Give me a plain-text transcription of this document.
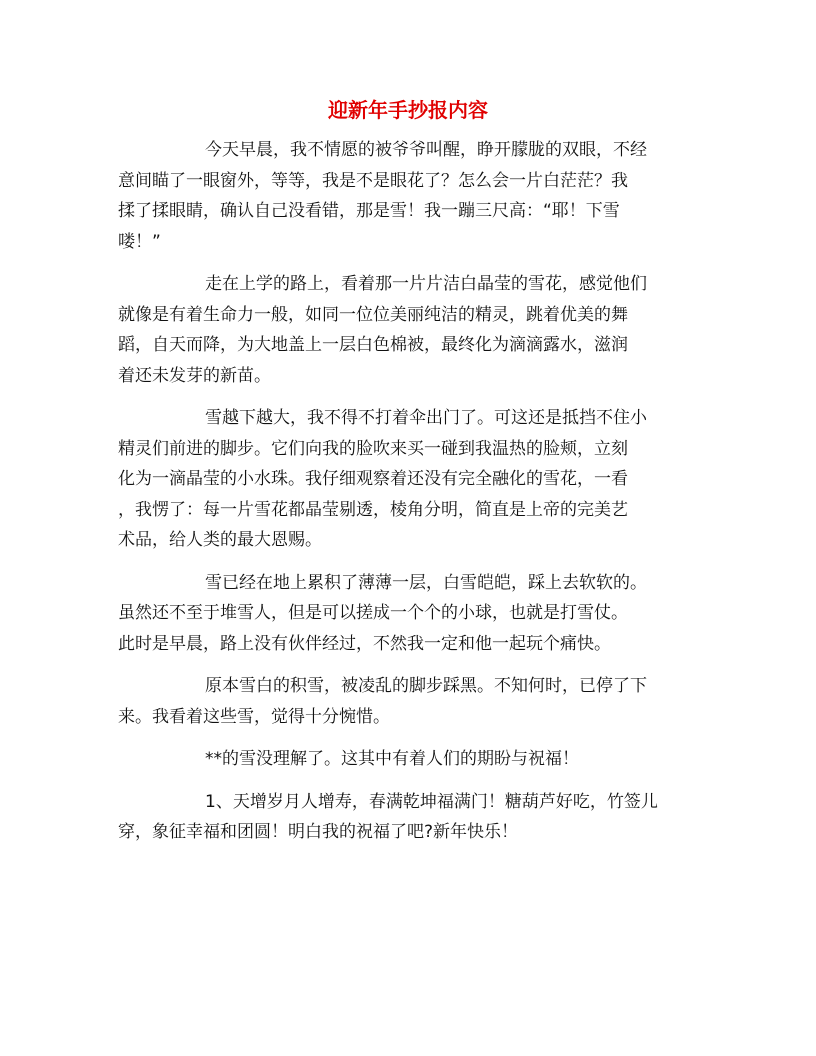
迎新年手抄报内容
今天早晨，我不情愿的被爷爷叫醒，睁开朦胧的双眼，不经
意间瞄了一眼窗外，等等，我是不是眼花了？怎么会一片白茫茫？我
揉了揉眼睛，确认自己没看错，那是雪！我一蹦三尺高：“耶！下雪
喽！”
走在上学的路上，看着那一片片洁白晶莹的雪花，感觉他们
就像是有着生命力一般，如同一位位美丽纯洁的精灵，跳着优美的舞
蹈，自天而降，为大地盖上一层白色棉被，最终化为滴滴露水，滋润
着还未发芽的新苗。
雪越下越大，我不得不打着伞出门了。可这还是抵挡不住小
精灵们前进的脚步。它们向我的脸吹来买一碰到我温热的脸颊，立刻
化为一滴晶莹的小水珠。我仔细观察着还没有完全融化的雪花，一看
，我愣了：每一片雪花都晶莹剔透，棱角分明，简直是上帝的完美艺
术品，给人类的最大恩赐。
雪已经在地上累积了薄薄一层，白雪皑皑，踩上去软软的。
虽然还不至于堆雪人，但是可以搓成一个个的小球，也就是打雪仗。
此时是早晨，路上没有伙伴经过，不然我一定和他一起玩个痛快。
原本雪白的积雪，被凌乱的脚步踩黑。不知何时，已停了下
来。我看着这些雪，觉得十分惋惜。
**的雪没理解了。这其中有着人们的期盼与祝福！
1、天增岁月人增寿，春满乾坤福满门！糖葫芦好吃，竹签儿
穿，象征幸福和团圆！明白我的祝福了吧?新年快乐！
